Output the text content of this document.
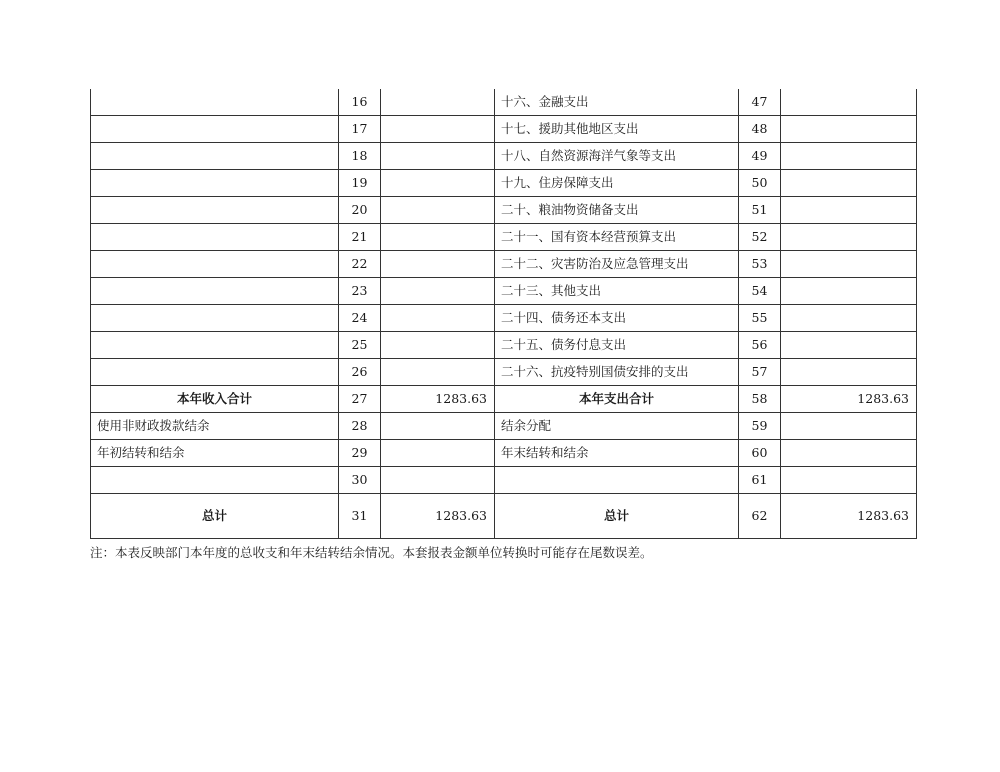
	16		十六、金融支出	47	
	17		十七、援助其他地区支出	48	
	18		十八、自然资源海洋气象等支出	49	
	19		十九、住房保障支出	50	
	20		二十、粮油物资储备支出	51	
	21		二十一、国有资本经营预算支出	52	
	22		二十二、灾害防治及应急管理支出	53	
	23		二十三、其他支出	54	
	24		二十四、债务还本支出	55	
	25		二十五、债务付息支出	56	
	26		二十六、抗疫特别国债安排的支出	57	
本年收入合计	27	1283.63	本年支出合计	58	1283.63
使用非财政拨款结余	28		结余分配	59	
年初结转和结余	29		年末结转和结余	60	
	30			61	
总计	31	1283.63	总计	62	1283.63
注：本表反映部门本年度的总收支和年末结转结余情况。本套报表金额单位转换时可能存在尾数误差。
